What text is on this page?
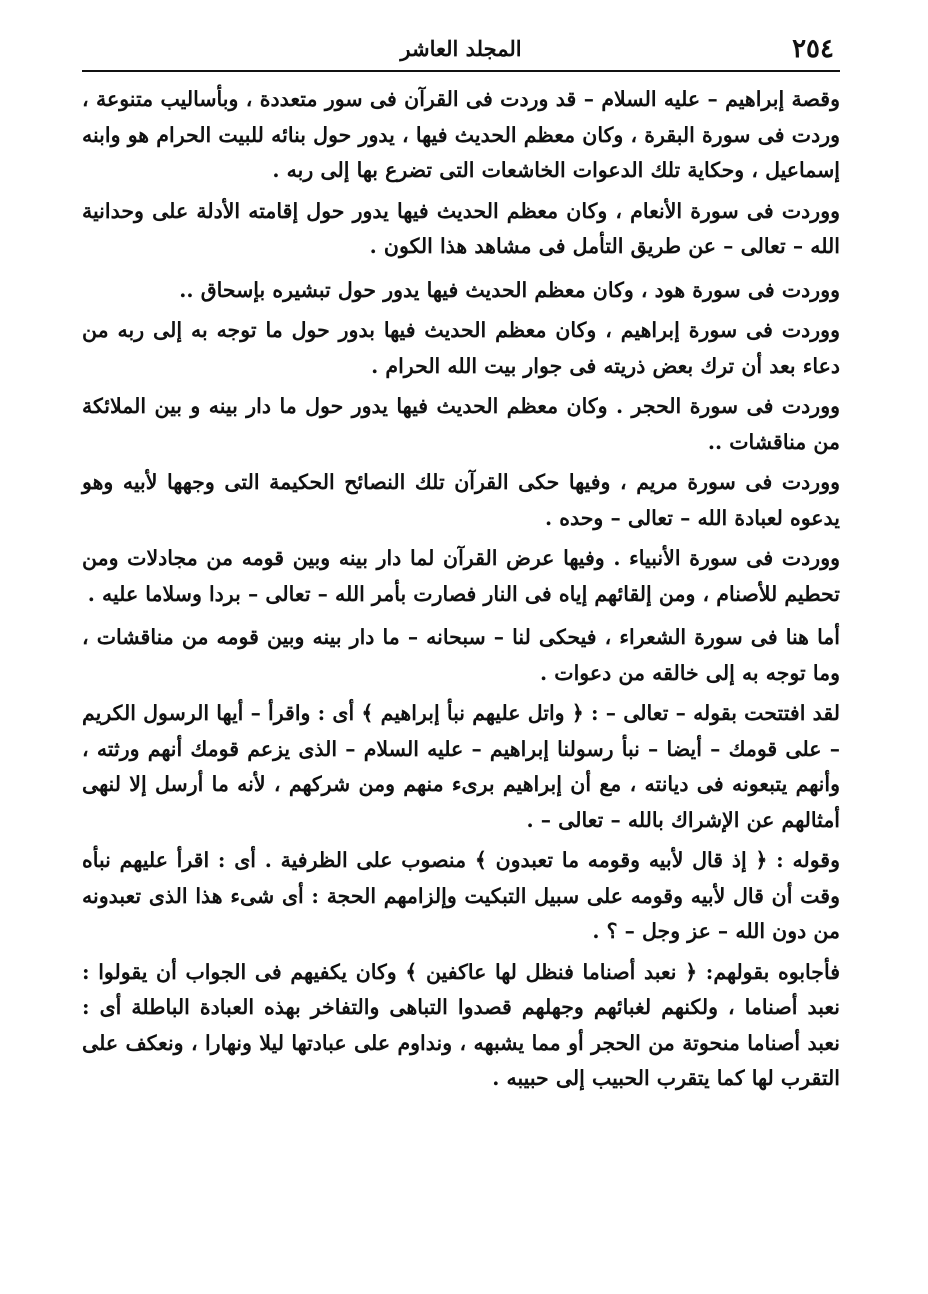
٢٥٤
المجلد العاشر

وقصة إبراهيم – عليه السلام – قد وردت فى القرآن فى سور متعددة ، وبأساليب متنوعة ، وردت فى سورة البقرة ، وكان معظم الحديث فيها ، يدور حول بنائه للبيت الحرام هو وابنه إسماعيل ، وحكاية تلك الدعوات الخاشعات التى تضرع بها إلى ربه .

ووردت فى سورة الأنعام ، وكان معظم الحديث فيها يدور حول إقامته الأدلة على وحدانية الله – تعالى – عن طريق التأمل فى مشاهد هذا الكون .

ووردت فى سورة هود ، وكان معظم الحديث فيها يدور حول تبشيره بإسحاق ..

ووردت فى سورة إبراهيم ، وكان معظم الحديث فيها بدور حول ما توجه به إلى ربه من دعاء بعد أن ترك بعض ذريته فى جوار بيت الله الحرام .

ووردت فى سورة الحجر . وكان معظم الحديث فيها يدور حول ما دار بينه و بين الملائكة من مناقشات ..

ووردت فى سورة مريم ، وفيها حكى القرآن تلك النصائح الحكيمة التى وجهها لأبيه وهو يدعوه لعبادة الله – تعالى – وحده .

ووردت فى سورة الأنبياء . وفيها عرض القرآن لما دار بينه وبين قومه من مجادلات ومن تحطيم للأصنام ، ومن إلقائهم إياه فى النار فصارت بأمر الله – تعالى – بردا وسلاما عليه .

أما هنا فى سورة الشعراء ، فيحكى لنا – سبحانه – ما دار بينه وبين قومه من مناقشات ، وما توجه به إلى خالقه من دعوات .

لقد افتتحت بقوله – تعالى – : ﴿ واتل عليهم نبأ إبراهيم ﴾ أى : واقرأ – أيها الرسول الكريم – على قومك – أيضا – نبأ رسولنا إبراهيم – عليه السلام – الذى يزعم قومك أنهم ورثته ، وأنهم يتبعونه فى ديانته ، مع أن إبراهيم برىء منهم ومن شركهم ، لأنه ما أرسل إلا لنهى أمثالهم عن الإشراك بالله – تعالى – .

وقوله : ﴿ إذ قال لأبيه وقومه ما تعبدون ﴾ منصوب على الظرفية . أى : اقرأ عليهم نبأه وقت أن قال لأبيه وقومه على سبيل التبكيت وإلزامهم الحجة : أى شىء هذا الذى تعبدونه من دون الله – عز وجل – ؟ .

فأجابوه بقولهم: ﴿ نعبد أصناما فنظل لها عاكفين ﴾ وكان يكفيهم فى الجواب أن يقولوا : نعبد أصناما ، ولكنهم لغبائهم وجهلهم قصدوا التباهى والتفاخر بهذه العبادة الباطلة أى : نعبد أصناما منحوتة من الحجر أو مما يشبهه ، ونداوم على عبادتها ليلا ونهارا ، ونعكف على التقرب لها كما يتقرب الحبيب إلى حبيبه .
